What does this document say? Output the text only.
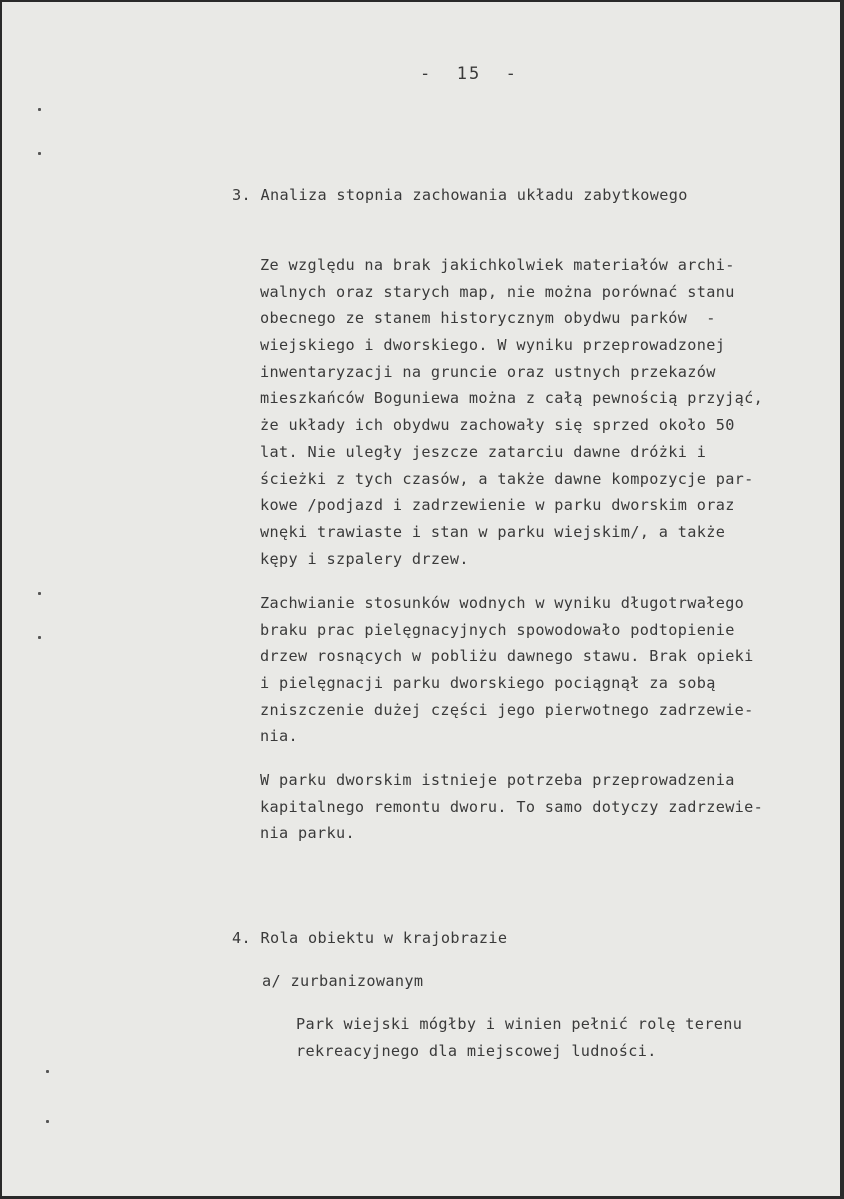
-  15  -
3. Analiza stopnia zachowania układu zabytkowego
Ze względu na brak jakichkolwiek materiałów archi-
walnych oraz starych map, nie można porównać stanu
obecnego ze stanem historycznym obydwu parków  -
wiejskiego i dworskiego. W wyniku przeprowadzonej
inwentaryzacji na gruncie oraz ustnych przekazów
mieszkańców Boguniewa można z całą pewnością przyjąć,
że układy ich obydwu zachowały się sprzed około 50
lat. Nie uległy jeszcze zatarciu dawne dróżki i
ścieżki z tych czasów, a także dawne kompozycje par-
kowe /podjazd i zadrzewienie w parku dworskim oraz
wnęki trawiaste i stan w parku wiejskim/, a także
kępy i szpalery drzew.
Zachwianie stosunków wodnych w wyniku długotrwałego
braku prac pielęgnacyjnych spowodowało podtopienie
drzew rosnących w pobliżu dawnego stawu. Brak opieki
i pielęgnacji parku dworskiego pociągnął za sobą
zniszczenie dużej części jego pierwotnego zadrzewie-
nia.
W parku dworskim istnieje potrzeba przeprowadzenia
kapitalnego remontu dworu. To samo dotyczy zadrzewie-
nia parku.
4. Rola obiektu w krajobrazie
a/ zurbanizowanym
Park wiejski mógłby i winien pełnić rolę terenu
rekreacyjnego dla miejscowej ludności.
